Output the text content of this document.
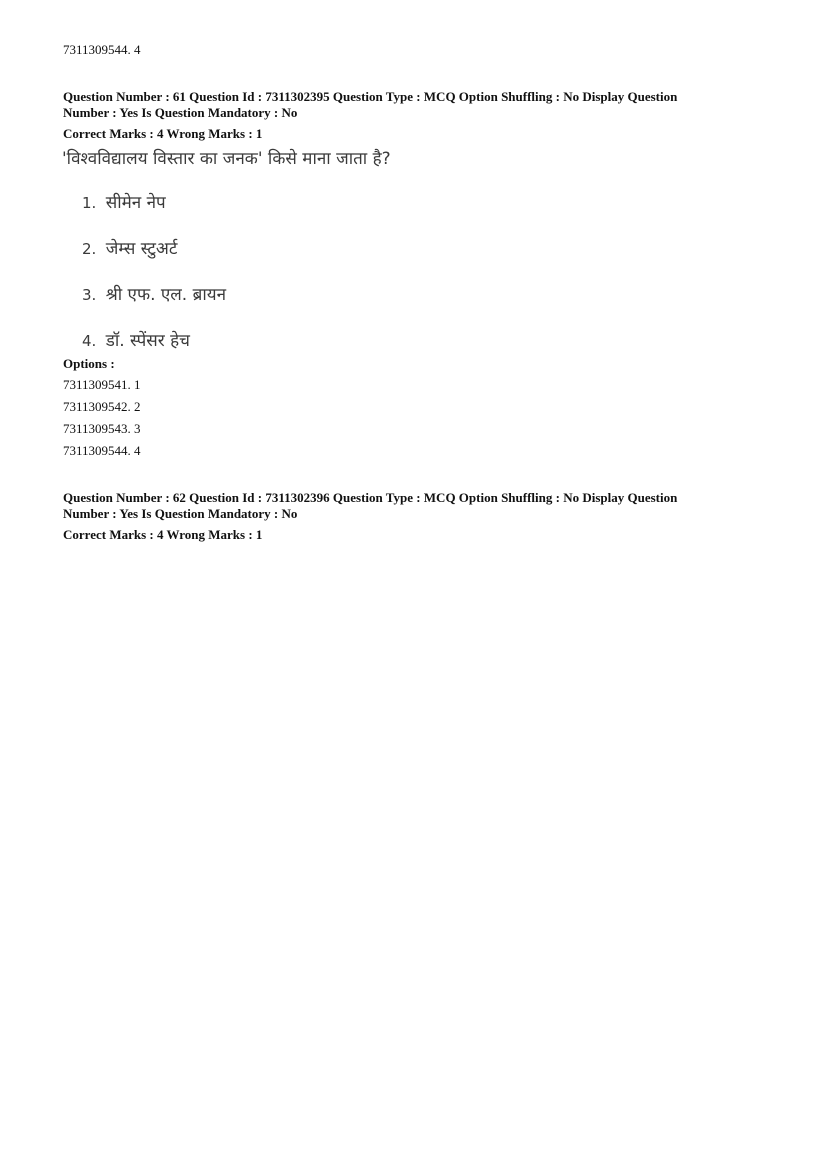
7311309544. 4
Question Number : 61 Question Id : 7311302395 Question Type : MCQ Option Shuffling : No Display Question
Number : Yes Is Question Mandatory : No
Correct Marks : 4 Wrong Marks : 1
'विश्वविद्यालय विस्तार का जनक' किसे माना जाता है?
1. सीमेन नेप
2. जेम्स स्टुअर्ट
3. श्री एफ. एल. ब्रायन
4. डॉ. स्पेंसर हेच
Options :
7311309541. 1
7311309542. 2
7311309543. 3
7311309544. 4
Question Number : 62 Question Id : 7311302396 Question Type : MCQ Option Shuffling : No Display Question
Number : Yes Is Question Mandatory : No
Correct Marks : 4 Wrong Marks : 1
